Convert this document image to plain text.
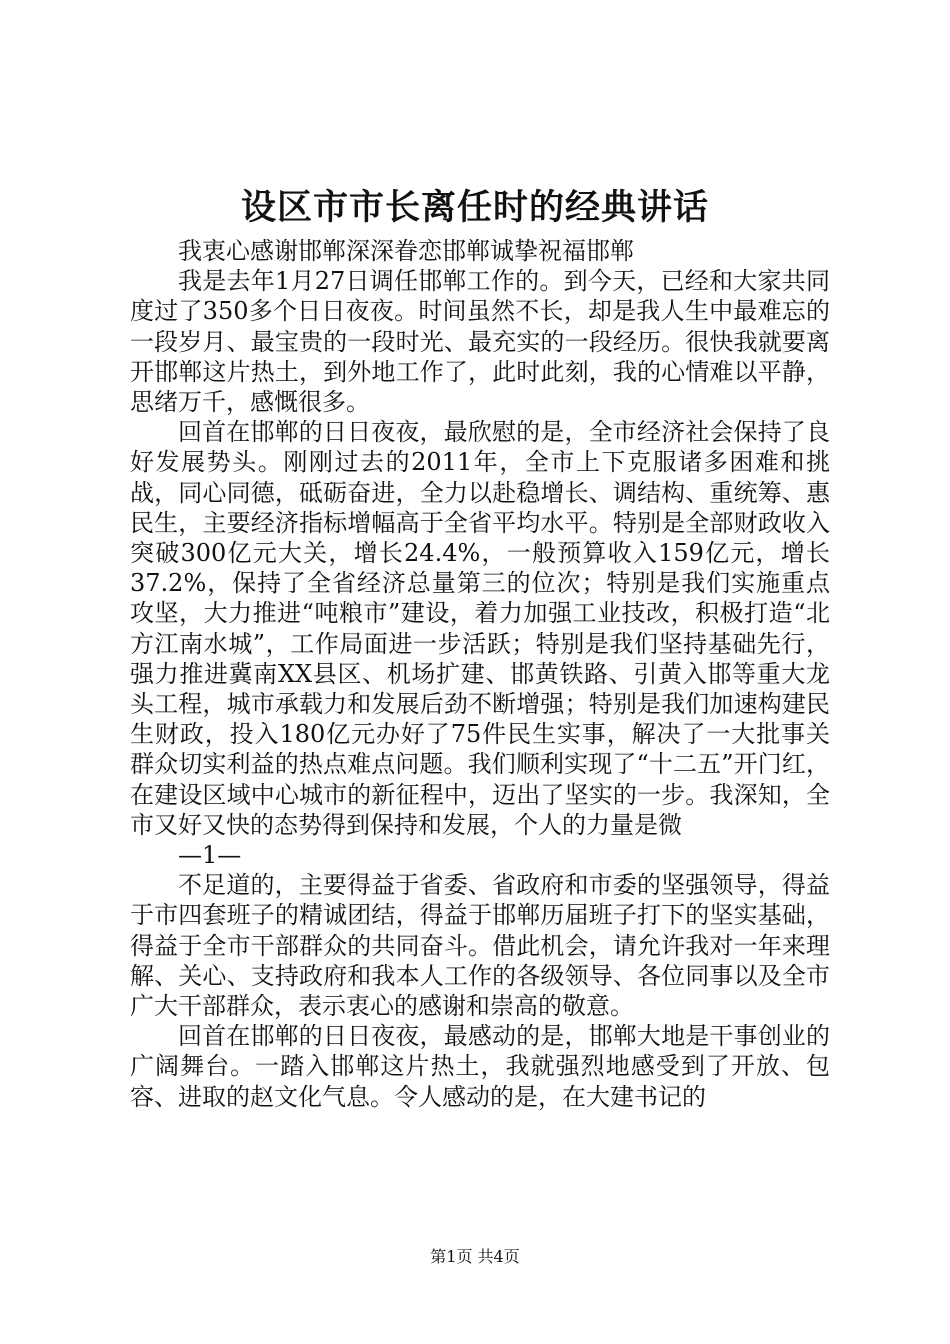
设区市市长离任时的经典讲话

我衷心感谢邯郸深深眷恋邯郸诚挚祝福邯郸

我是去年1月27日调任邯郸工作的。到今天，已经和大家共同度过了350多个日日夜夜。时间虽然不长，却是我人生中最难忘的一段岁月、最宝贵的一段时光、最充实的一段经历。很快我就要离开邯郸这片热土，到外地工作了，此时此刻，我的心情难以平静，思绪万千，感慨很多。

回首在邯郸的日日夜夜，最欣慰的是，全市经济社会保持了良好发展势头。刚刚过去的2011年，全市上下克服诸多困难和挑战，同心同德，砥砺奋进，全力以赴稳增长、调结构、重统筹、惠民生，主要经济指标增幅高于全省平均水平。特别是全部财政收入突破300亿元大关，增长24.4%，一般预算收入159亿元，增长37.2%，保持了全省经济总量第三的位次；特别是我们实施重点攻坚，大力推进“吨粮市”建设，着力加强工业技改，积极打造“北方江南水城”，工作局面进一步活跃；特别是我们坚持基础先行，强力推进冀南XX县区、机场扩建、邯黄铁路、引黄入邯等重大龙头工程，城市承载力和发展后劲不断增强；特别是我们加速构建民生财政，投入180亿元办好了75件民生实事，解决了一大批事关群众切实利益的热点难点问题。我们顺利实现了“十二五”开门红，在建设区域中心城市的新征程中，迈出了坚实的一步。我深知，全市又好又快的态势得到保持和发展，个人的力量是微

—1—

不足道的，主要得益于省委、省政府和市委的坚强领导，得益于市四套班子的精诚团结，得益于邯郸历届班子打下的坚实基础，得益于全市干部群众的共同奋斗。借此机会，请允许我对一年来理解、关心、支持政府和我本人工作的各级领导、各位同事以及全市广大干部群众，表示衷心的感谢和崇高的敬意。

回首在邯郸的日日夜夜，最感动的是，邯郸大地是干事创业的广阔舞台。一踏入邯郸这片热土，我就强烈地感受到了开放、包容、进取的赵文化气息。令人感动的是，在大建书记的

第1页 共4页
